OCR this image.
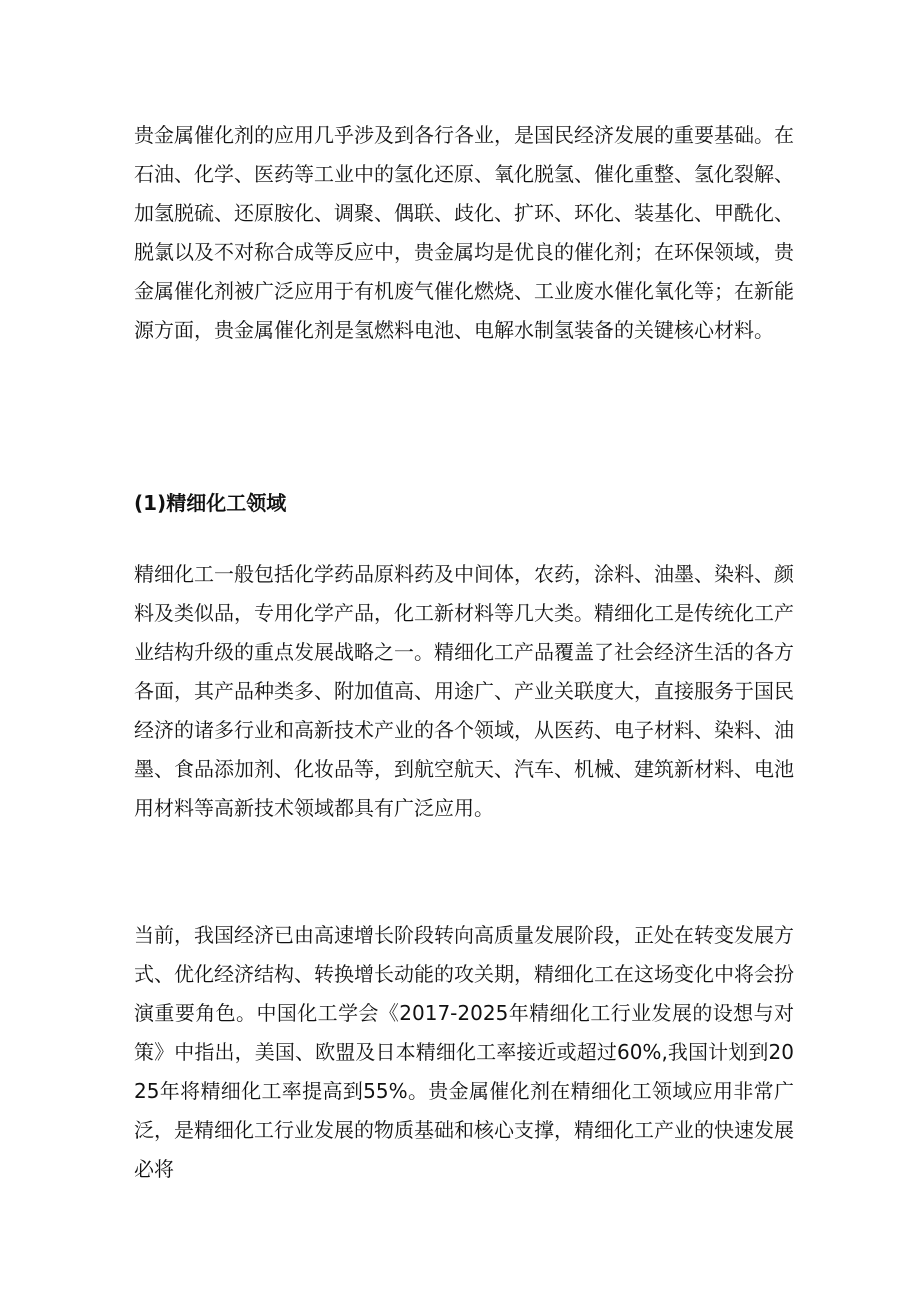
贵金属催化剂的应用几乎涉及到各行各业，是国民经济发展的重要基础。在石油、化学、医药等工业中的氢化还原、氧化脱氢、催化重整、氢化裂解、加氢脱硫、还原胺化、调聚、偶联、歧化、扩环、环化、装基化、甲酰化、脱氯以及不对称合成等反应中，贵金属均是优良的催化剂；在环保领域，贵金属催化剂被广泛应用于有机废气催化燃烧、工业废水催化氧化等；在新能源方面，贵金属催化剂是氢燃料电池、电解水制氢装备的关键核心材料。

(1)精细化工领域

精细化工一般包括化学药品原料药及中间体，农药，涂料、油墨、染料、颜料及类似品，专用化学产品，化工新材料等几大类。精细化工是传统化工产业结构升级的重点发展战略之一。精细化工产品覆盖了社会经济生活的各方各面，其产品种类多、附加值高、用途广、产业关联度大，直接服务于国民经济的诸多行业和高新技术产业的各个领域，从医药、电子材料、染料、油墨、食品添加剂、化妆品等，到航空航天、汽车、机械、建筑新材料、电池用材料等高新技术领域都具有广泛应用。

当前，我国经济已由高速增长阶段转向高质量发展阶段，正处在转变发展方式、优化经济结构、转换增长动能的攻关期，精细化工在这场变化中将会扮演重要角色。中国化工学会《2017-2025年精细化工行业发展的设想与对策》中指出，美国、欧盟及日本精细化工率接近或超过60%,我国计划到2025年将精细化工率提高到55%。贵金属催化剂在精细化工领域应用非常广泛，是精细化工行业发展的物质基础和核心支撑，精细化工产业的快速发展必将
